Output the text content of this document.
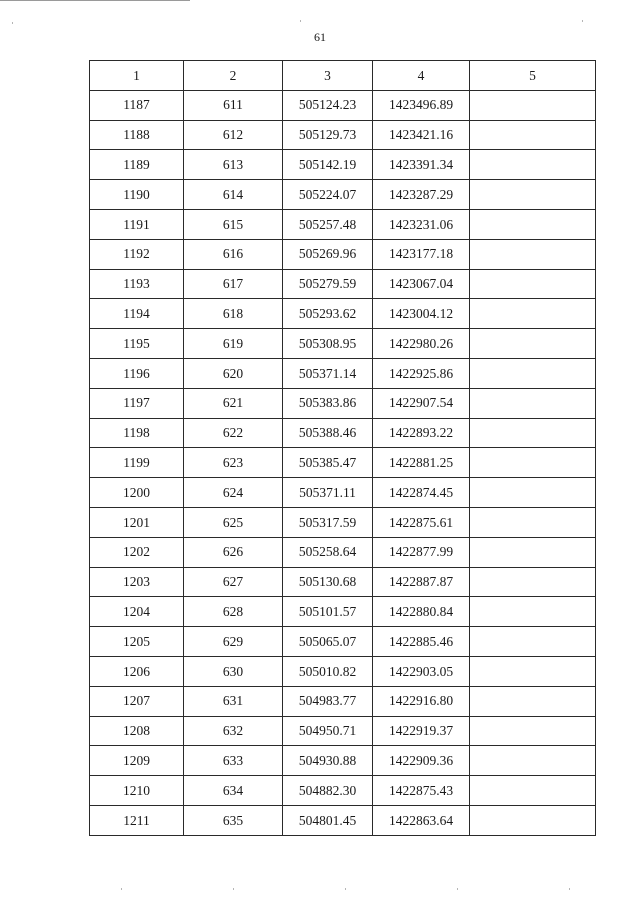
61
1	2	3	4	5
1187	611	505124.23	1423496.89	
1188	612	505129.73	1423421.16	
1189	613	505142.19	1423391.34	
1190	614	505224.07	1423287.29	
1191	615	505257.48	1423231.06	
1192	616	505269.96	1423177.18	
1193	617	505279.59	1423067.04	
1194	618	505293.62	1423004.12	
1195	619	505308.95	1422980.26	
1196	620	505371.14	1422925.86	
1197	621	505383.86	1422907.54	
1198	622	505388.46	1422893.22	
1199	623	505385.47	1422881.25	
1200	624	505371.11	1422874.45	
1201	625	505317.59	1422875.61	
1202	626	505258.64	1422877.99	
1203	627	505130.68	1422887.87	
1204	628	505101.57	1422880.84	
1205	629	505065.07	1422885.46	
1206	630	505010.82	1422903.05	
1207	631	504983.77	1422916.80	
1208	632	504950.71	1422919.37	
1209	633	504930.88	1422909.36	
1210	634	504882.30	1422875.43	
1211	635	504801.45	1422863.64	
